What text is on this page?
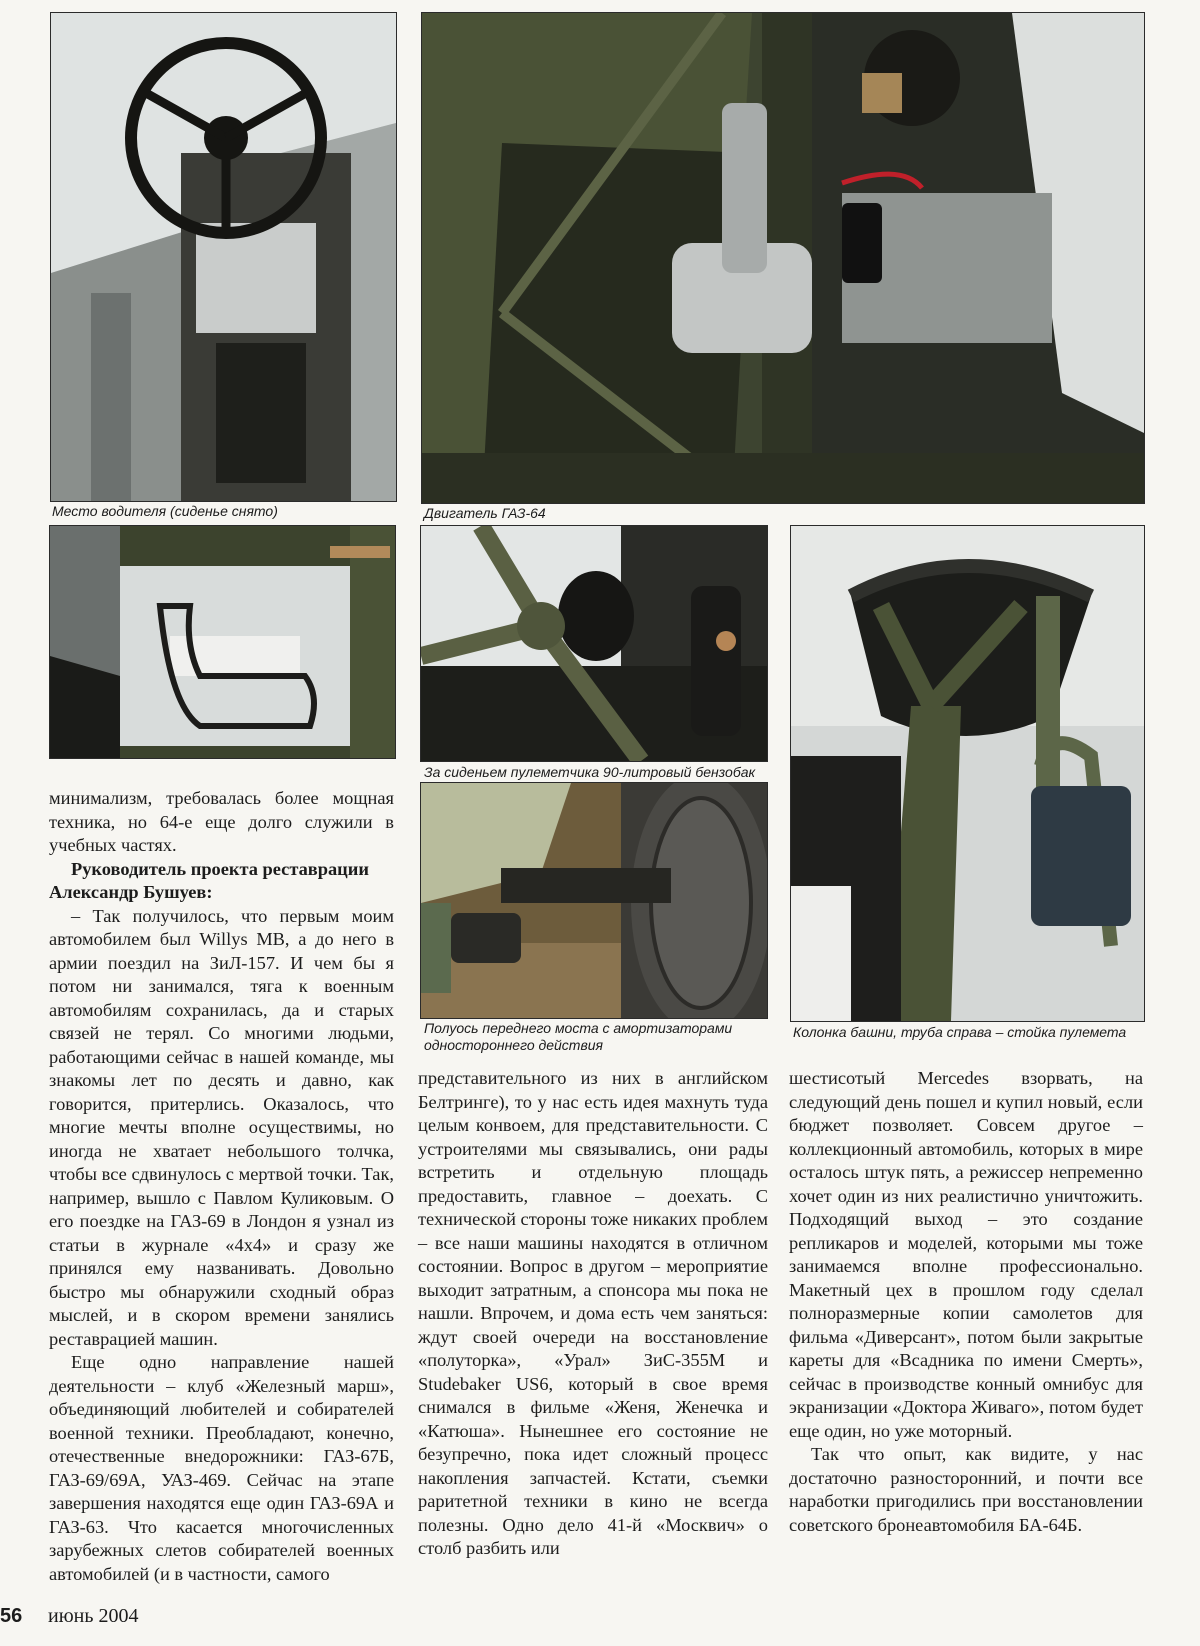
Место водителя (сиденье снято)	Двигатель ГАЗ-64
За сиденьем пулеметчика 90-литровый бензобак
Полуось переднего моста с амортизаторами одностороннего действия
Колонка башни, труба справа – стойка пулемета

минимализм, требовалась более мощная техника, но 64-е еще долго служили в учебных частях.

Руководитель проекта реставрации Александр Бушуев:

– Так получилось, что первым моим автомобилем был Willys MB, а до него в армии поездил на ЗиЛ-157. И чем бы я потом ни занимался, тяга к военным автомобилям сохранилась, да и старых связей не терял. Со многими людьми, работающими сейчас в нашей команде, мы знакомы лет по десять и давно, как говорится, притерлись. Оказалось, что многие мечты вполне осуществимы, но иногда не хватает небольшого толчка, чтобы все сдвинулось с мертвой точки. Так, например, вышло с Павлом Куликовым. О его поездке на ГАЗ-69 в Лондон я узнал из статьи в журнале «4х4» и сразу же принялся ему названивать. Довольно быстро мы обнаружили сходный образ мыслей, и в скором времени занялись реставрацией машин.

Еще одно направление нашей деятельности – клуб «Железный марш», объединяющий любителей и собирателей военной техники. Преобладают, конечно, отечественные внедорожники: ГАЗ-67Б, ГАЗ-69/69А, УАЗ-469. Сейчас на этапе завершения находятся еще один ГАЗ-69А и ГАЗ-63. Что касается многочисленных зарубежных слетов собирателей военных автомобилей (и в частности, самого

представительного из них в английском Белтринге), то у нас есть идея махнуть туда целым конвоем, для представительности. С устроителями мы связывались, они рады встретить и отдельную площадь предоставить, главное – доехать. С технической стороны тоже никаких проблем – все наши машины находятся в отличном состоянии. Вопрос в другом – мероприятие выходит затратным, а спонсора мы пока не нашли. Впрочем, и дома есть чем заняться: ждут своей очереди на восстановление «полуторка», «Урал» ЗиС-355М и Studebaker US6, который в свое время снимался в фильме «Женя, Женечка и «Катюша». Нынешнее его состояние не безупречно, пока идет сложный процесс накопления запчастей. Кстати, съемки раритетной техники в кино не всегда полезны. Одно дело 41-й «Москвич» о столб разбить или

шестисотый Mercedes взорвать, на следующий день пошел и купил новый, если бюджет позволяет. Совсем другое – коллекционный автомобиль, которых в мире осталось штук пять, а режиссер непременно хочет один из них реалистично уничтожить. Подходящий выход – это создание репликаров и моделей, которыми мы тоже занимаемся вполне профессионально. Макетный цех в прошлом году сделал полноразмерные копии самолетов для фильма «Диверсант», потом были закрытые кареты для «Всадника по имени Смерть», сейчас в производстве конный омнибус для экранизации «Доктора Живаго», потом будет еще один, но уже моторный.

Так что опыт, как видите, у нас достаточно разносторонний, и почти все наработки пригодились при восстановлении советского бронеавтомобиля БА-64Б.

56 июнь 2004
